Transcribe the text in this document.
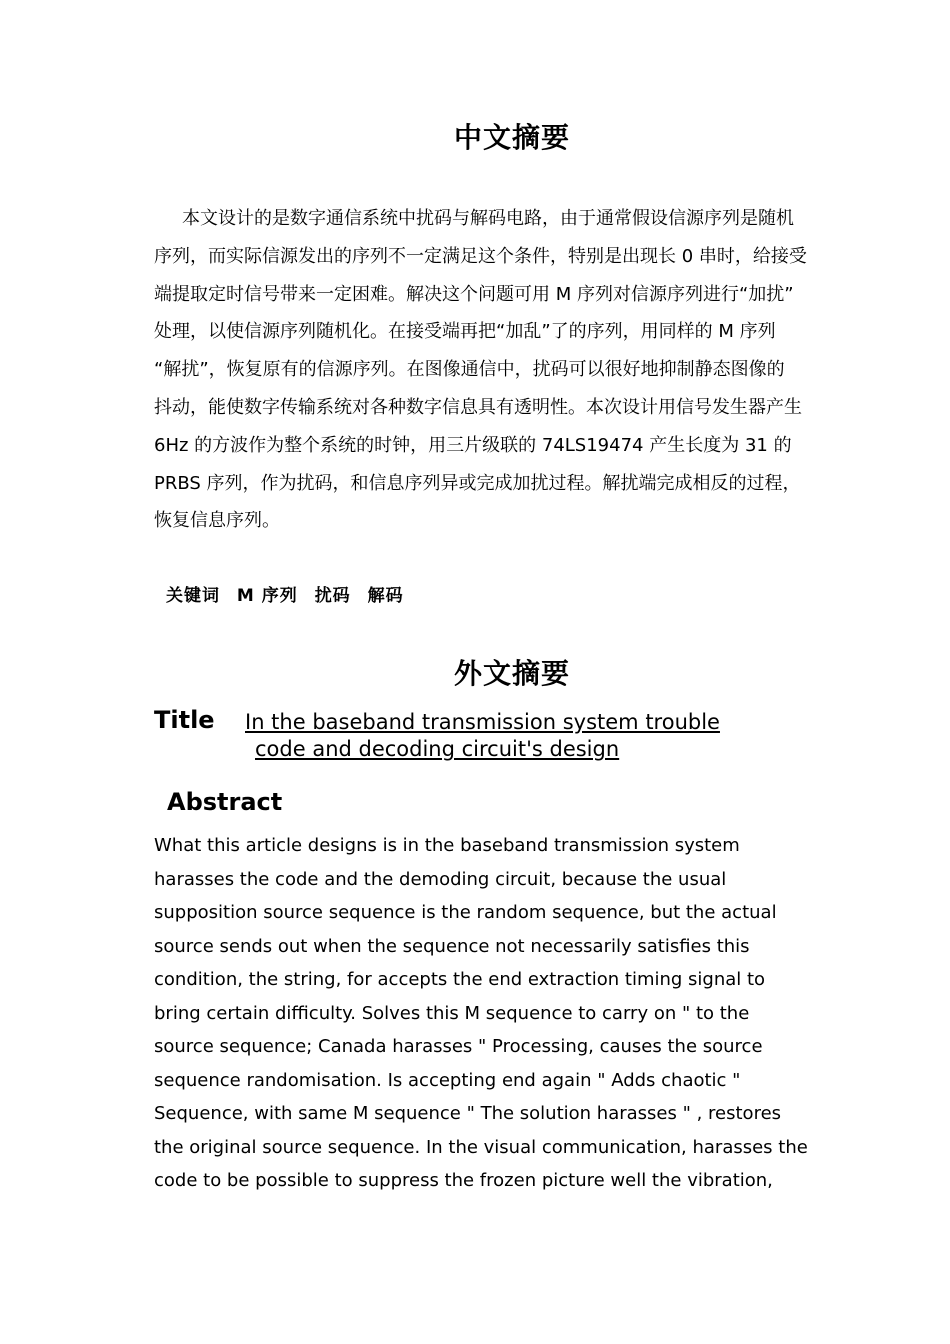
中文摘要
本文设计的是数字通信系统中扰码与解码电路，由于通常假设信源序列是随机
序列，而实际信源发出的序列不一定满足这个条件，特别是出现长 0 串时，给接受
端提取定时信号带来一定困难。解决这个问题可用 M 序列对信源序列进行“加扰”
处理，以使信源序列随机化。在接受端再把“加乱”了的序列，用同样的 M 序列
“解扰”，恢复原有的信源序列。在图像通信中，扰码可以很好地抑制静态图像的
抖动，能使数字传输系统对各种数字信息具有透明性。本次设计用信号发生器产生
6Hz 的方波作为整个系统的时钟，用三片级联的 74LS19474 产生长度为 31 的
PRBS 序列，作为扰码，和信息序列异或完成加扰过程。解扰端完成相反的过程，
恢复信息序列。
关键词 M 序列 扰码 解码
外文摘要
Title In the baseband transmission system trouble
code and decoding circuit's design
Abstract
What this article designs is in the baseband transmission system
harasses the code and the demoding circuit, because the usual
supposition source sequence is the random sequence, but the actual
source sends out when the sequence not necessarily satisfies this
condition, the string, for accepts the end extraction timing signal to
bring certain difficulty. Solves this M sequence to carry on " to the
source sequence; Canada harasses " Processing, causes the source
sequence randomisation. Is accepting end again " Adds chaotic "
Sequence, with same M sequence " The solution harasses " , restores
the original source sequence. In the visual communication, harasses the
code to be possible to suppress the frozen picture well the vibration,
